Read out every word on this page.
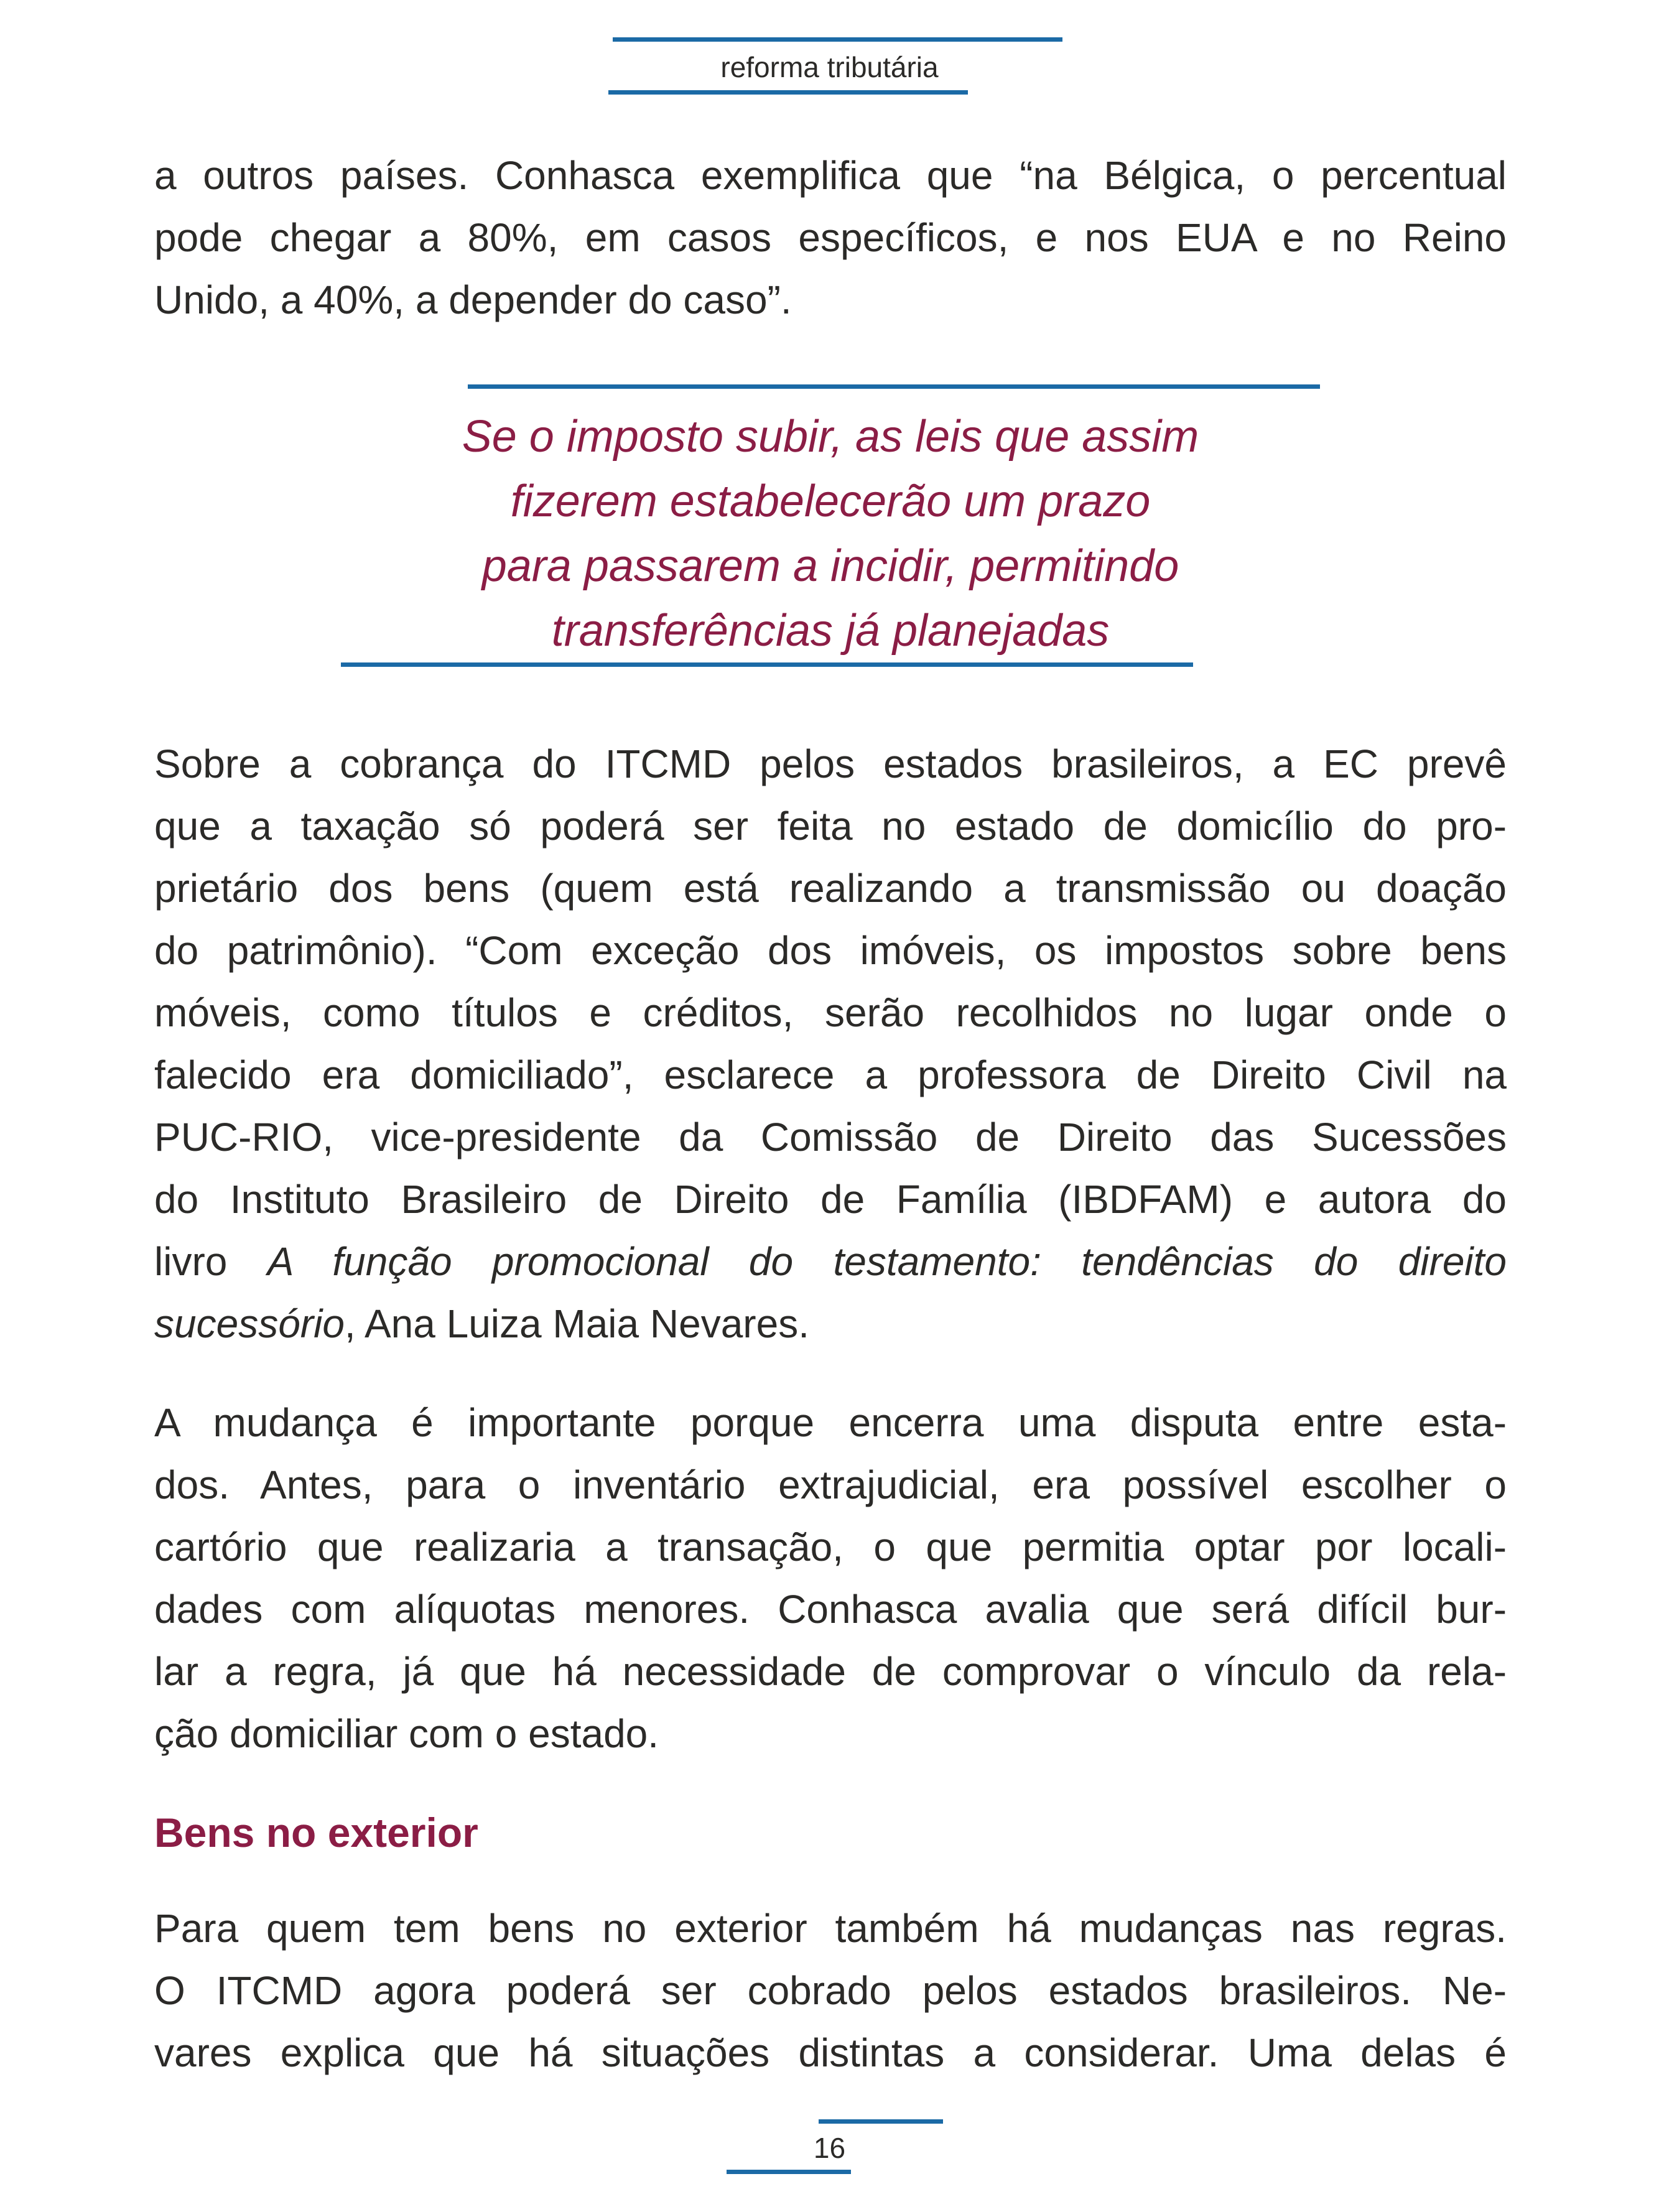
reforma tributária
a outros países. Conhasca exemplifica que “na Bélgica, o percentual
pode chegar a 80%, em casos específicos, e nos EUA e no Reino
Unido, a 40%, a depender do caso”.
Se o imposto subir, as leis que assim
fizerem estabelecerão um prazo
para passarem a incidir, permitindo
transferências já planejadas
Sobre a cobrança do ITCMD pelos estados brasileiros, a EC prevê
que a taxação só poderá ser feita no estado de domicílio do pro-
prietário dos bens (quem está realizando a transmissão ou doação
do patrimônio). “Com exceção dos imóveis, os impostos sobre bens
móveis, como títulos e créditos, serão recolhidos no lugar onde o
falecido era domiciliado”, esclarece a professora de Direito Civil na
PUC-RIO, vice-presidente da Comissão de Direito das Sucessões
do Instituto Brasileiro de Direito de Família (IBDFAM) e autora do
livro A função promocional do testamento: tendências do direito
sucessório, Ana Luiza Maia Nevares.
A mudança é importante porque encerra uma disputa entre esta-
dos. Antes, para o inventário extrajudicial, era possível escolher o
cartório que realizaria a transação, o que permitia optar por locali-
dades com alíquotas menores. Conhasca avalia que será difícil bur-
lar a regra, já que há necessidade de comprovar o vínculo da rela-
ção domiciliar com o estado.
Bens no exterior
Para quem tem bens no exterior também há mudanças nas regras.
O ITCMD agora poderá ser cobrado pelos estados brasileiros. Ne-
vares explica que há situações distintas a considerar. Uma delas é
16
